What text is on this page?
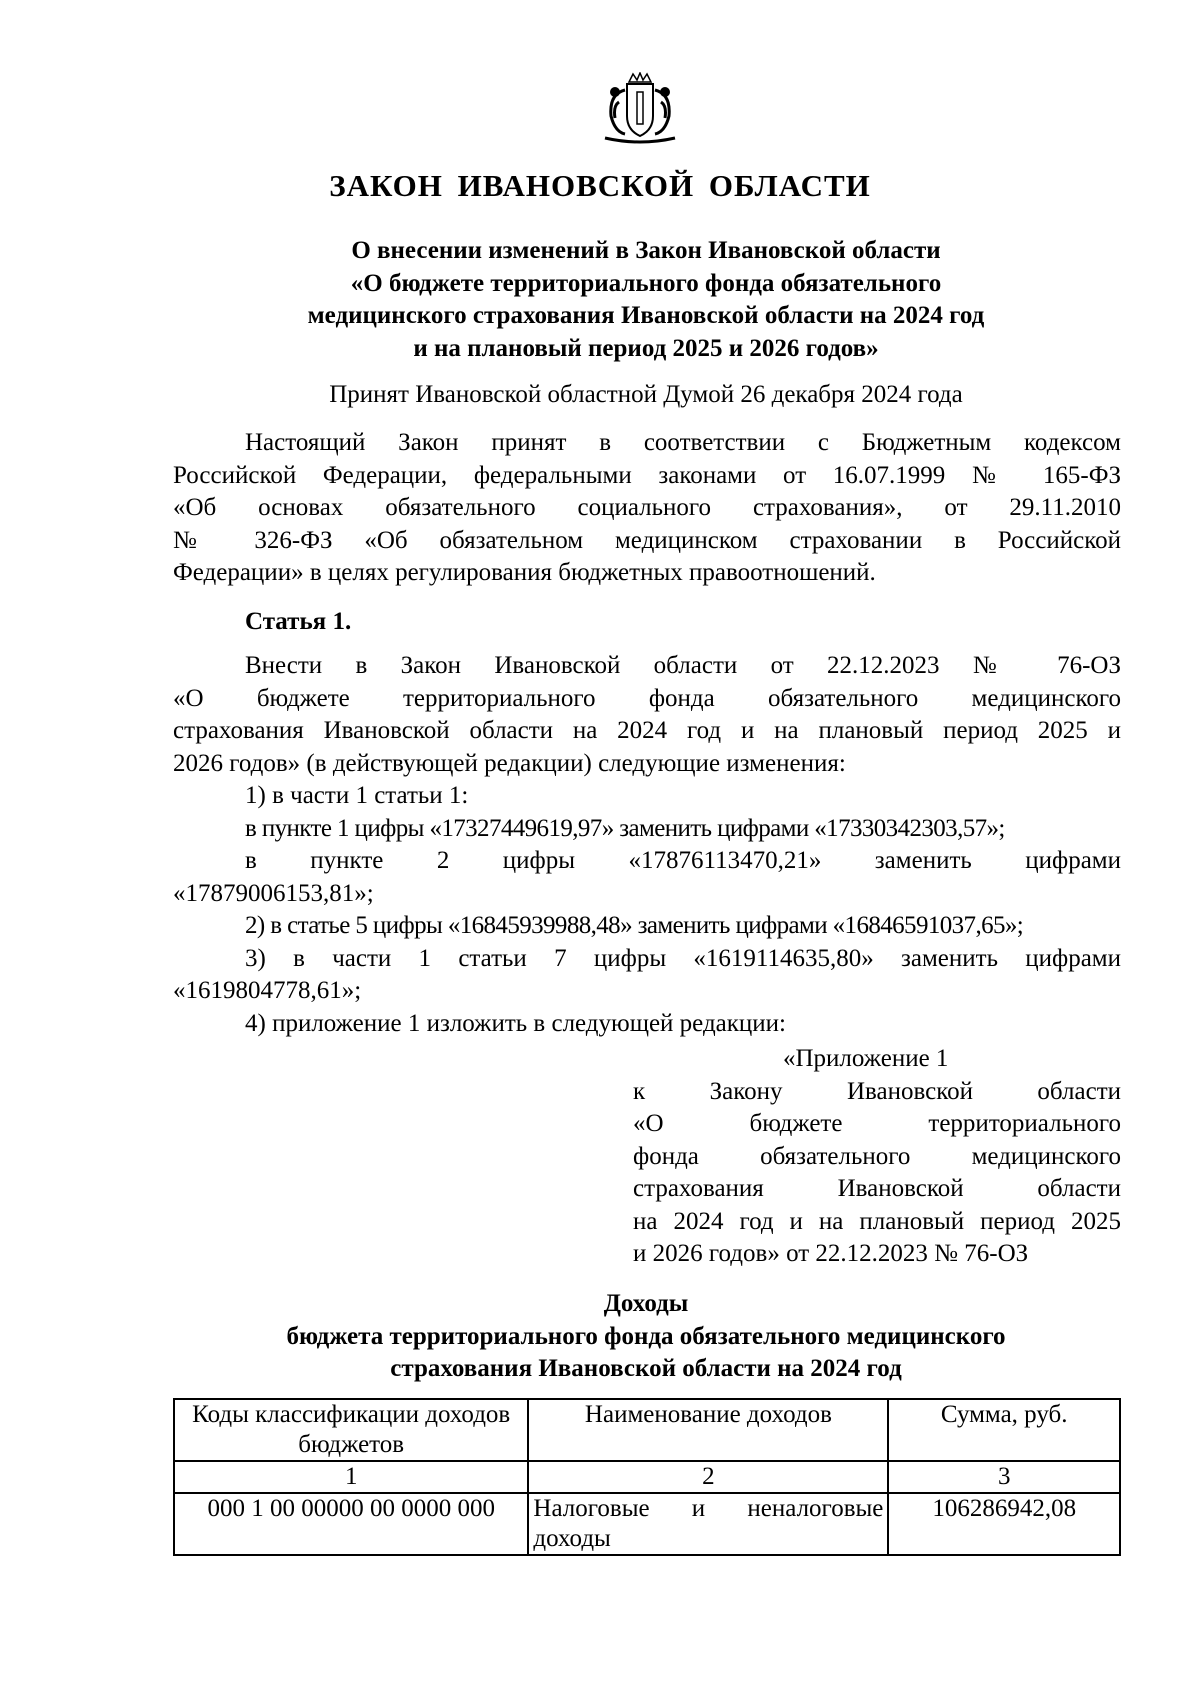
ЗАКОН ИВАНОВСКОЙ ОБЛАСТИ
О внесении изменений в Закон Ивановской области
«О бюджете территориального фонда обязательного
медицинского страхования Ивановской области на 2024 год
и на плановый период 2025 и 2026 годов»

Принят Ивановской областной Думой 26 декабря 2024 года

Настоящий Закон принят в соответствии с Бюджетным кодексом
Российской Федерации, федеральными законами от 16.07.1999 № 165-ФЗ
«Об основах обязательного социального страхования», от 29.11.2010
№ 326-ФЗ «Об обязательном медицинском страховании в Российской
Федерации» в целях регулирования бюджетных правоотношений.
Статья 1.
Внести в Закон Ивановской области от 22.12.2023 № 76-ОЗ
«О бюджете территориального фонда обязательного медицинского
страхования Ивановской области на 2024 год и на плановый период 2025 и
2026 годов» (в действующей редакции) следующие изменения:
1) в части 1 статьи 1:
в пункте 1 цифры «17327449619,97» заменить цифрами «17330342303,57»;
в пункте 2 цифры «17876113470,21» заменить цифрами
«17879006153,81»;
2) в статье 5 цифры «16845939988,48» заменить цифрами «16846591037,65»;
3) в части 1 статьи 7 цифры «1619114635,80» заменить цифрами
«1619804778,61»;
4) приложение 1 изложить в следующей редакции:
«Приложение 1
к Закону Ивановской области
«О бюджете территориального
фонда обязательного медицинского
страхования Ивановской области
на 2024 год и на плановый период 2025
и 2026 годов» от 22.12.2023 № 76-ОЗ
Доходы
бюджета территориального фонда обязательного медицинского
страхования Ивановской области на 2024 год
Коды классификации доходов бюджетов	Наименование доходов	Сумма, руб.
1	2	3
000 1 00 00000 00 0000 000	Налоговые и неналоговые доходы	106286942,08
